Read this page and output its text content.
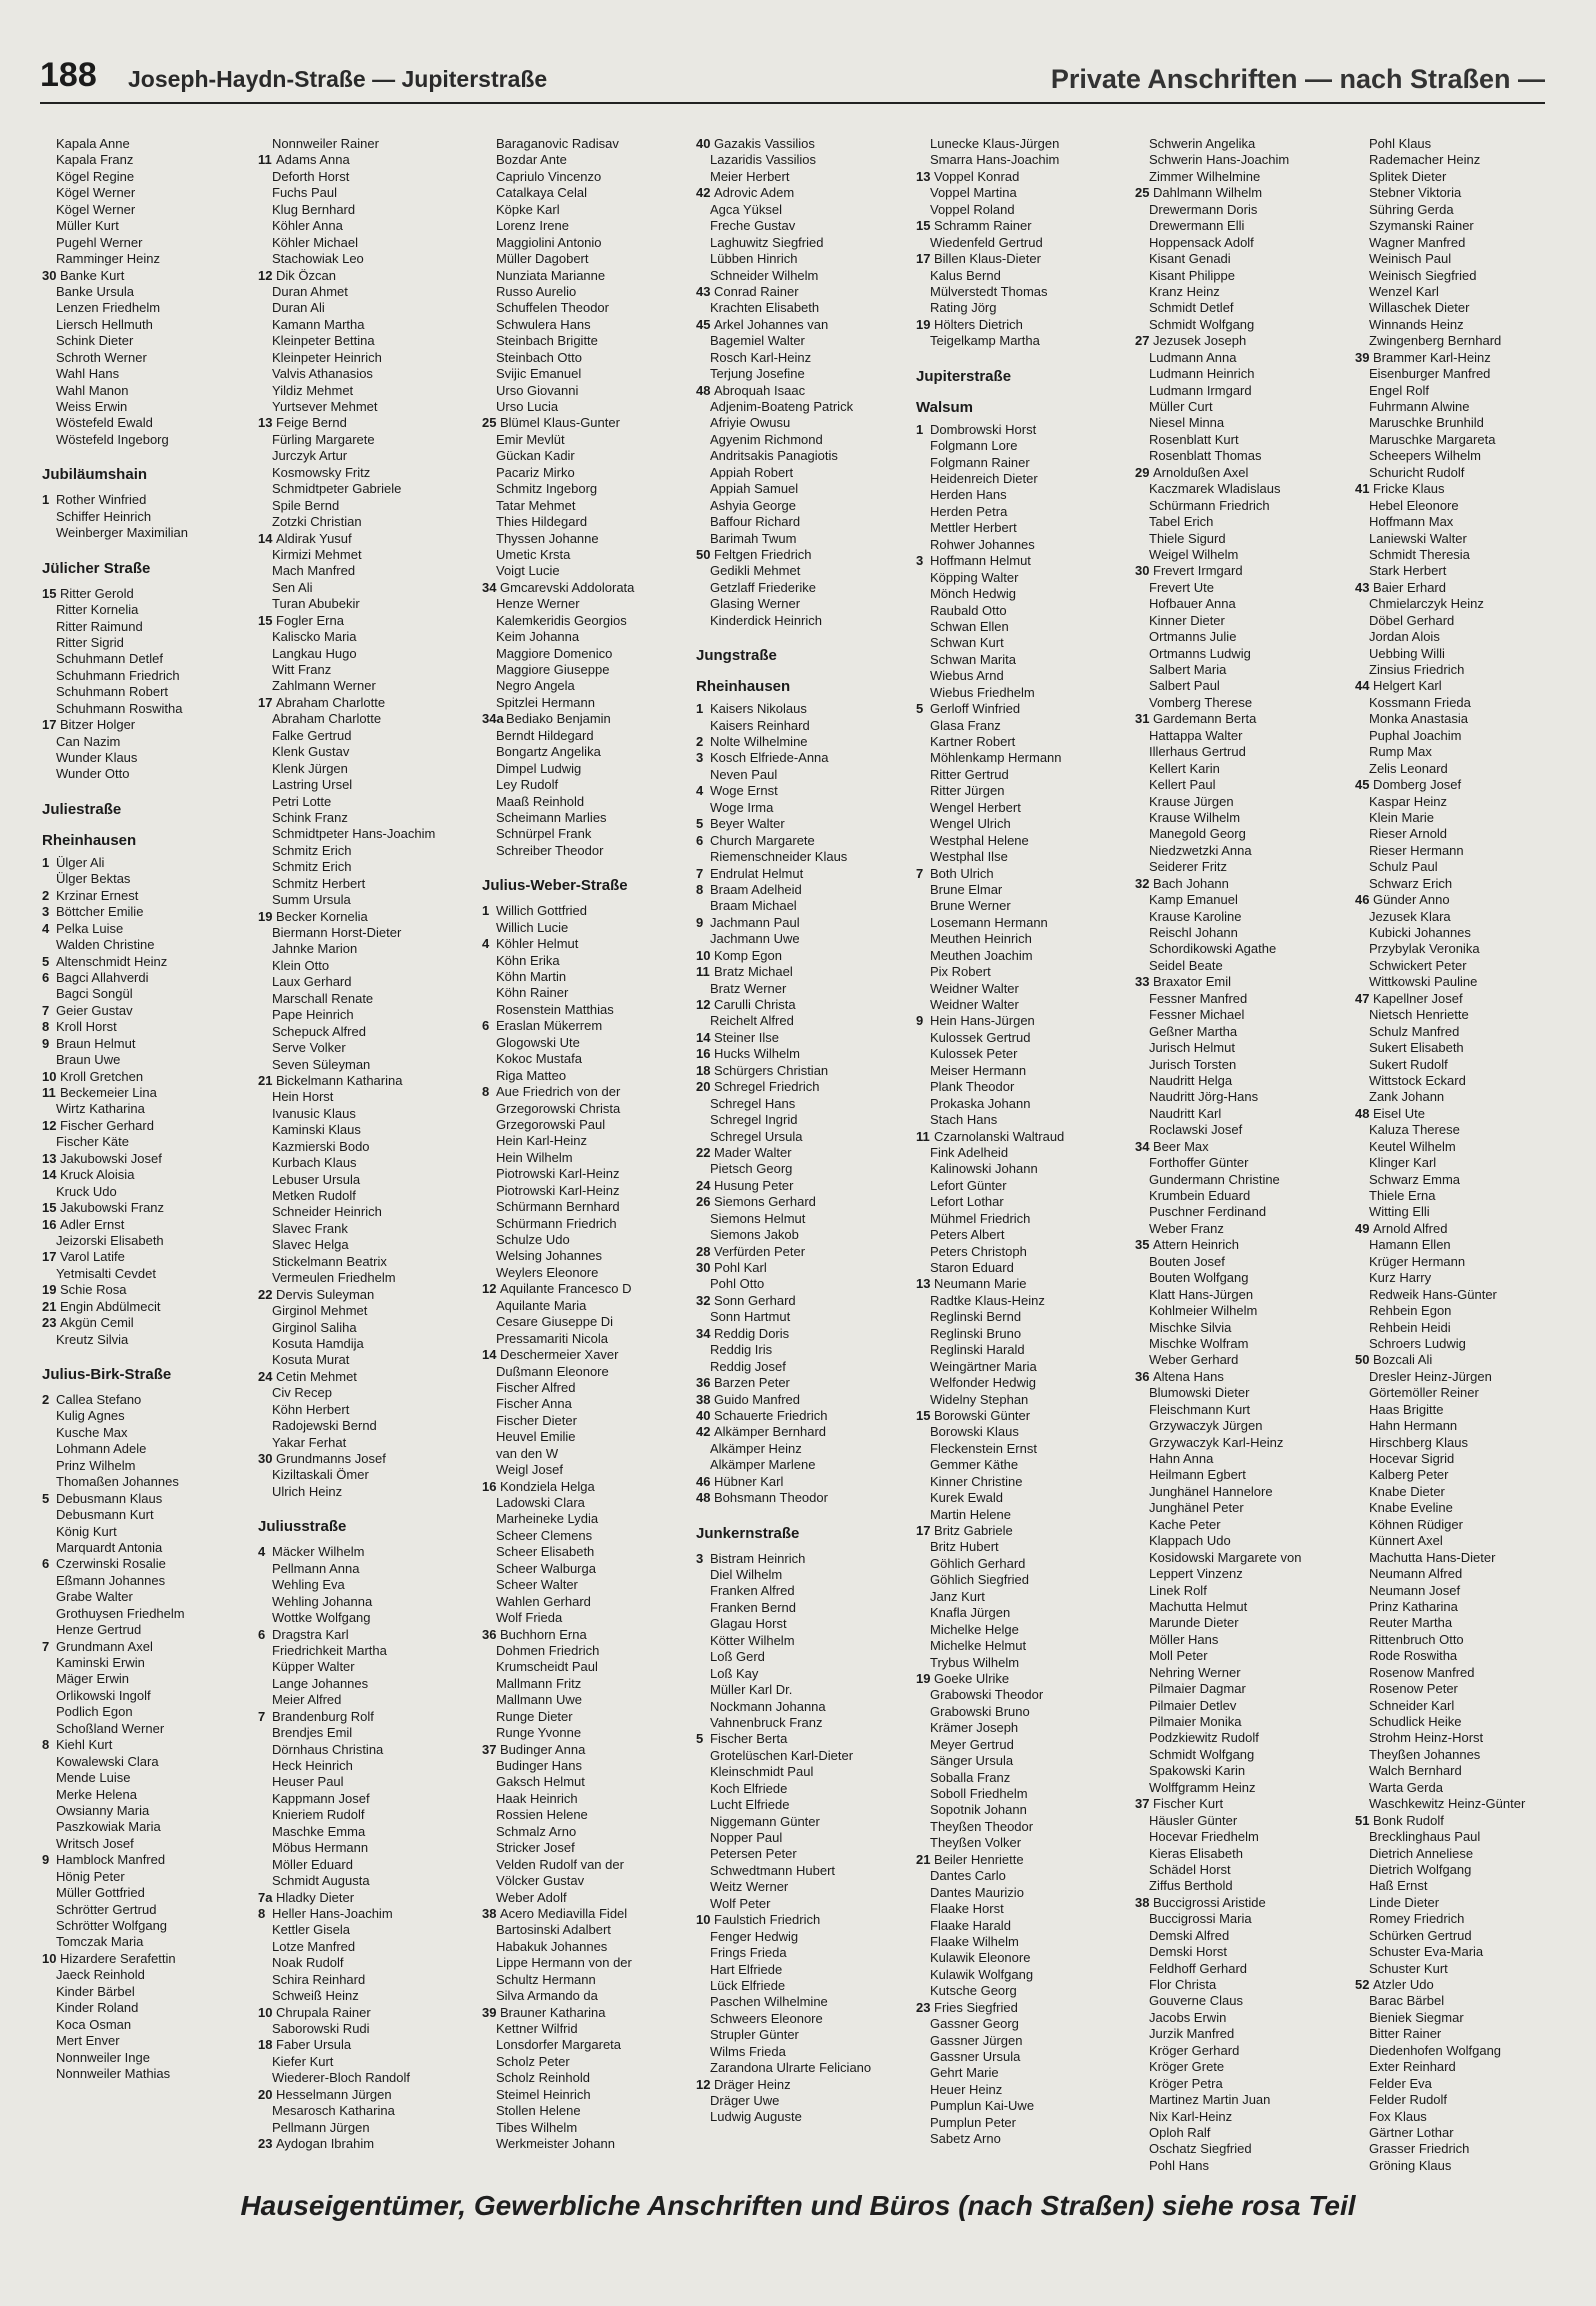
188 Joseph-Haydn-Straße — Jupiterstraße	Private Anschriften — nach Straßen —
Kapala Anne
Kapala Franz
Kögel Regine
Kögel Werner
Kögel Werner
Müller Kurt
Pugehl Werner
Ramminger Heinz
30 Banke Kurt
Banke Ursula
Lenzen Friedhelm
Liersch Hellmuth
Schink Dieter
Schroth Werner
Wahl Hans
Wahl Manon
Weiss Erwin
Wöstefeld Ewald
Wöstefeld Ingeborg
Jubiläumshain
1 Rother Winfried
Schiffer Heinrich
Weinberger Maximilian
Jülicher Straße
15 Ritter Gerold
Ritter Kornelia
Ritter Raimund
Ritter Sigrid
Schuhmann Detlef
Schuhmann Friedrich
Schuhmann Robert
Schuhmann Roswitha
17 Bitzer Holger
Can Nazim
Wunder Klaus
Wunder Otto
Juliestraße
Rheinhausen
1 Ülger Ali
Ülger Bektas
2 Krzinar Ernest
3 Böttcher Emilie
4 Pelka Luise
Walden Christine
5 Altenschmidt Heinz
6 Bagci Allahverdi
Bagci Songül
7 Geier Gustav
8 Kroll Horst
9 Braun Helmut
Braun Uwe
10 Kroll Gretchen
11 Beckemeier Lina
Wirtz Katharina
12 Fischer Gerhard
Fischer Käte
13 Jakubowski Josef
14 Kruck Aloisia
Kruck Udo
15 Jakubowski Franz
16 Adler Ernst
Jeizorski Elisabeth
17 Varol Latife
Yetmisalti Cevdet
19 Schie Rosa
21 Engin Abdülmecit
23 Akgün Cemil
Kreutz Silvia
Julius-Birk-Straße
2 Callea Stefano
Kulig Agnes
Kusche Max
Lohmann Adele
Prinz Wilhelm
Thomaßen Johannes
5 Debusmann Klaus
Debusmann Kurt
König Kurt
Marquardt Antonia
6 Czerwinski Rosalie
Eßmann Johannes
Grabe Walter
Grothuysen Friedhelm
Henze Gertrud
7 Grundmann Axel
Kaminski Erwin
Mäger Erwin
Orlikowski Ingolf
Podlich Egon
Schoßland Werner
8 Kiehl Kurt
Kowalewski Clara
Mende Luise
Merke Helena
Owsianny Maria
Paszkowiak Maria
Writsch Josef
9 Hamblock Manfred
Hönig Peter
Müller Gottfried
Schrötter Gertrud
Schrötter Wolfgang
Tomczak Maria
10 Hizardere Serafettin
Jaeck Reinhold
Kinder Bärbel
Kinder Roland
Koca Osman
Mert Enver
Nonnweiler Inge
Nonnweiler Mathias
Nonnweiler Rainer
11 Adams Anna
Deforth Horst
Fuchs Paul
Klug Bernhard
Köhler Anna
Köhler Michael
Stachowiak Leo
12 Dik Özcan
Duran Ahmet
Duran Ali
Kamann Martha
Kleinpeter Bettina
Kleinpeter Heinrich
Valvis Athanasios
Yildiz Mehmet
Yurtsever Mehmet
13 Feige Bernd
Fürling Margarete
Jurczyk Artur
Kosmowsky Fritz
Schmidtpeter Gabriele
Spile Bernd
Zotzki Christian
14 Aldirak Yusuf
Kirmizi Mehmet
Mach Manfred
Sen Ali
Turan Abubekir
15 Fogler Erna
Kaliscko Maria
Langkau Hugo
Witt Franz
Zahlmann Werner
17 Abraham Charlotte
Abraham Charlotte
Falke Gertrud
Klenk Gustav
Klenk Jürgen
Lastring Ursel
Petri Lotte
Schink Franz
Schmidtpeter Hans-Joachim
Schmitz Erich
Schmitz Erich
Schmitz Herbert
Summ Ursula
19 Becker Kornelia
Biermann Horst-Dieter
Jahnke Marion
Klein Otto
Laux Gerhard
Marschall Renate
Pape Heinrich
Schepuck Alfred
Serve Volker
Seven Süleyman
21 Bickelmann Katharina
Hein Horst
Ivanusic Klaus
Kaminski Klaus
Kazmierski Bodo
Kurbach Klaus
Lebuser Ursula
Metken Rudolf
Schneider Heinrich
Slavec Frank
Slavec Helga
Stickelmann Beatrix
Vermeulen Friedhelm
22 Dervis Suleyman
Girginol Mehmet
Girginol Saliha
Kosuta Hamdija
Kosuta Murat
24 Cetin Mehmet
Civ Recep
Köhn Herbert
Radojewski Bernd
Yakar Ferhat
30 Grundmanns Josef
Kiziltaskali Ömer
Ulrich Heinz
Juliusstraße
4 Mäcker Wilhelm
Pellmann Anna
Wehling Eva
Wehling Johanna
Wottke Wolfgang
6 Dragstra Karl
Friedrichkeit Martha
Küpper Walter
Lange Johannes
Meier Alfred
7 Brandenburg Rolf
Brendjes Emil
Dörnhaus Christina
Heck Heinrich
Heuser Paul
Kappmann Josef
Knieriem Rudolf
Maschke Emma
Möbus Hermann
Möller Eduard
Schmidt Augusta
7a Hladky Dieter
8 Heller Hans-Joachim
Kettler Gisela
Lotze Manfred
Noak Rudolf
Schira Reinhard
Schweiß Heinz
10 Chrupala Rainer
Saborowski Rudi
18 Faber Ursula
Kiefer Kurt
Wiederer-Bloch Randolf
20 Hesselmann Jürgen
Mesarosch Katharina
Pellmann Jürgen
23 Aydogan Ibrahim
Baraganovic Radisav
Bozdar Ante
Capriulo Vincenzo
Catalkaya Celal
Köpke Karl
Lorenz Irene
Maggiolini Antonio
Müller Dagobert
Nunziata Marianne
Russo Aurelio
Schuffelen Theodor
Schwulera Hans
Steinbach Brigitte
Steinbach Otto
Svijic Emanuel
Urso Giovanni
Urso Lucia
25 Blümel Klaus-Gunter
Emir Mevlüt
Gückan Kadir
Pacariz Mirko
Schmitz Ingeborg
Tatar Mehmet
Thies Hildegard
Thyssen Johanne
Umetic Krsta
Voigt Lucie
34 Gmcarevski Addolorata
Henze Werner
Kalemkeridis Georgios
Keim Johanna
Maggiore Domenico
Maggiore Giuseppe
Negro Angela
Spitzlei Hermann
34a Bediako Benjamin
Berndt Hildegard
Bongartz Angelika
Dimpel Ludwig
Ley Rudolf
Maaß Reinhold
Scheimann Marlies
Schnürpel Frank
Schreiber Theodor
Julius-Weber-Straße
1 Willich Gottfried
Willich Lucie
4 Köhler Helmut
Köhn Erika
Köhn Martin
Köhn Rainer
Rosenstein Matthias
6 Eraslan Mükerrem
Glogowski Ute
Kokoc Mustafa
Riga Matteo
8 Aue Friedrich von der
Grzegorowski Christa
Grzegorowski Paul
Hein Karl-Heinz
Hein Wilhelm
Piotrowski Karl-Heinz
Piotrowski Karl-Heinz
Schürmann Bernhard
Schürmann Friedrich
Schulze Udo
Welsing Johannes
Weylers Eleonore
12 Aquilante Francesco D
Aquilante Maria
Cesare Giuseppe Di
Pressamariti Nicola
14 Deschermeier Xaver
Dußmann Eleonore
Fischer Alfred
Fischer Anna
Fischer Dieter
Heuvel Emilie
van den W
Weigl Josef
16 Kondziela Helga
Ladowski Clara
Marheineke Lydia
Scheer Clemens
Scheer Elisabeth
Scheer Walburga
Scheer Walter
Wahlen Gerhard
Wolf Frieda
36 Buchhorn Erna
Dohmen Friedrich
Krumscheidt Paul
Mallmann Fritz
Mallmann Uwe
Runge Dieter
Runge Yvonne
37 Budinger Anna
Budinger Hans
Gaksch Helmut
Haak Heinrich
Rossien Helene
Schmalz Arno
Stricker Josef
Velden Rudolf van der
Völcker Gustav
Weber Adolf
38 Acero Mediavilla Fidel
Bartosinski Adalbert
Habakuk Johannes
Lippe Hermann von der
Schultz Hermann
Silva Armando da
39 Brauner Katharina
Kettner Wilfrid
Lonsdorfer Margareta
Scholz Peter
Scholz Reinhold
Steimel Heinrich
Stollen Helene
Tibes Wilhelm
Werkmeister Johann
40 Gazakis Vassilios
Lazaridis Vassilios
Meier Herbert
42 Adrovic Adem
Agca Yüksel
Freche Gustav
Laghuwitz Siegfried
Lübben Hinrich
Schneider Wilhelm
43 Conrad Rainer
Krachten Elisabeth
45 Arkel Johannes van
Bagemiel Walter
Rosch Karl-Heinz
Terjung Josefine
48 Abroquah Isaac
Adjenim-Boateng Patrick
Afriyie Owusu
Agyenim Richmond
Andritsakis Panagiotis
Appiah Robert
Appiah Samuel
Ashyia George
Baffour Richard
Barimah Twum
50 Feltgen Friedrich
Gedikli Mehmet
Getzlaff Friederike
Glasing Werner
Kinderdick Heinrich
Jungstraße
Rheinhausen
1 Kaisers Nikolaus
Kaisers Reinhard
2 Nolte Wilhelmine
3 Kosch Elfriede-Anna
Neven Paul
4 Woge Ernst
Woge Irma
5 Beyer Walter
6 Church Margarete
Riemenschneider Klaus
7 Endrulat Helmut
8 Braam Adelheid
Braam Michael
9 Jachmann Paul
Jachmann Uwe
10 Komp Egon
11 Bratz Michael
Bratz Werner
12 Carulli Christa
Reichelt Alfred
14 Steiner Ilse
16 Hucks Wilhelm
18 Schürgers Christian
20 Schregel Friedrich
Schregel Hans
Schregel Ingrid
Schregel Ursula
22 Mader Walter
Pietsch Georg
24 Husung Peter
26 Siemons Gerhard
Siemons Helmut
Siemons Jakob
28 Verfürden Peter
30 Pohl Karl
Pohl Otto
32 Sonn Gerhard
Sonn Hartmut
34 Reddig Doris
Reddig Iris
Reddig Josef
36 Barzen Peter
38 Guido Manfred
40 Schauerte Friedrich
42 Alkämper Bernhard
Alkämper Heinz
Alkämper Marlene
46 Hübner Karl
48 Bohsmann Theodor
Junkernstraße
3 Bistram Heinrich
Diel Wilhelm
Franken Alfred
Franken Bernd
Glagau Horst
Kötter Wilhelm
Loß Gerd
Loß Kay
Müller Karl Dr.
Nockmann Johanna
Vahnenbruck Franz
5 Fischer Berta
Grotelüschen Karl-Dieter
Kleinschmidt Paul
Koch Elfriede
Lucht Elfriede
Niggemann Günter
Nopper Paul
Petersen Peter
Schwedtmann Hubert
Weitz Werner
Wolf Peter
10 Faulstich Friedrich
Fenger Hedwig
Frings Frieda
Hart Elfriede
Lück Elfriede
Paschen Wilhelmine
Schweers Eleonore
Strupler Günter
Wilms Frieda
Zarandona Ulrarte Feliciano
12 Dräger Heinz
Dräger Uwe
Ludwig Auguste
Lunecke Klaus-Jürgen
Smarra Hans-Joachim
13 Voppel Konrad
Voppel Martina
Voppel Roland
15 Schramm Rainer
Wiedenfeld Gertrud
17 Billen Klaus-Dieter
Kalus Bernd
Mülverstedt Thomas
Rating Jörg
19 Hölters Dietrich
Teigelkamp Martha
Jupiterstraße
Walsum
1 Dombrowski Horst
Folgmann Lore
Folgmann Rainer
Heidenreich Dieter
Herden Hans
Herden Petra
Mettler Herbert
Rohwer Johannes
3 Hoffmann Helmut
Köpping Walter
Mönch Hedwig
Raubald Otto
Schwan Ellen
Schwan Kurt
Schwan Marita
Wiebus Arnd
Wiebus Friedhelm
5 Gerloff Winfried
Glasa Franz
Kartner Robert
Möhlenkamp Hermann
Ritter Gertrud
Ritter Jürgen
Wengel Herbert
Wengel Ulrich
Westphal Helene
Westphal Ilse
7 Both Ulrich
Brune Elmar
Brune Werner
Losemann Hermann
Meuthen Heinrich
Meuthen Joachim
Pix Robert
Weidner Walter
Weidner Walter
9 Hein Hans-Jürgen
Kulossek Gertrud
Kulossek Peter
Meiser Hermann
Plank Theodor
Prokaska Johann
Stach Hans
11 Czarnolanski Waltraud
Fink Adelheid
Kalinowski Johann
Lefort Günter
Lefort Lothar
Mühmel Friedrich
Peters Albert
Peters Christoph
Staron Eduard
13 Neumann Marie
Radtke Klaus-Heinz
Reglinski Bernd
Reglinski Bruno
Reglinski Harald
Weingärtner Maria
Welfonder Hedwig
Widelny Stephan
15 Borowski Günter
Borowski Klaus
Fleckenstein Ernst
Gemmer Käthe
Kinner Christine
Kurek Ewald
Martin Helene
17 Britz Gabriele
Britz Hubert
Göhlich Gerhard
Göhlich Siegfried
Janz Kurt
Knafla Jürgen
Michelke Helge
Michelke Helmut
Trybus Wilhelm
19 Goeke Ulrike
Grabowski Theodor
Grabowski Bruno
Krämer Joseph
Meyer Gertrud
Sänger Ursula
Soballa Franz
Soboll Friedhelm
Sopotnik Johann
Theyßen Theodor
Theyßen Volker
21 Beiler Henriette
Dantes Carlo
Dantes Maurizio
Flaake Horst
Flaake Harald
Flaake Wilhelm
Kulawik Eleonore
Kulawik Wolfgang
Kutsche Georg
23 Fries Siegfried
Gassner Georg
Gassner Jürgen
Gassner Ursula
Gehrt Marie
Heuer Heinz
Pumplun Kai-Uwe
Pumplun Peter
Sabetz Arno
Schwerin Angelika
Schwerin Hans-Joachim
Zimmer Wilhelmine
25 Dahlmann Wilhelm
Drewermann Doris
Drewermann Elli
Hoppensack Adolf
Kisant Genadi
Kisant Philippe
Kranz Heinz
Schmidt Detlef
Schmidt Wolfgang
27 Jezusek Joseph
Ludmann Anna
Ludmann Heinrich
Ludmann Irmgard
Müller Curt
Niesel Minna
Rosenblatt Kurt
Rosenblatt Thomas
29 Arnoldußen Axel
Kaczmarek Wladislaus
Schürmann Friedrich
Tabel Erich
Thiele Sigurd
Weigel Wilhelm
30 Frevert Irmgard
Frevert Ute
Hofbauer Anna
Kinner Dieter
Ortmanns Julie
Ortmanns Ludwig
Salbert Maria
Salbert Paul
Vomberg Therese
31 Gardemann Berta
Hattappa Walter
Illerhaus Gertrud
Kellert Karin
Kellert Paul
Krause Jürgen
Krause Wilhelm
Manegold Georg
Niedzwetzki Anna
Seiderer Fritz
32 Bach Johann
Kamp Emanuel
Krause Karoline
Reischl Johann
Schordikowski Agathe
Seidel Beate
33 Braxator Emil
Fessner Manfred
Fessner Michael
Geßner Martha
Jurisch Helmut
Jurisch Torsten
Naudritt Helga
Naudritt Jörg-Hans
Naudritt Karl
Roclawski Josef
34 Beer Max
Forthoffer Günter
Gundermann Christine
Krumbein Eduard
Puschner Ferdinand
Weber Franz
35 Attern Heinrich
Bouten Josef
Bouten Wolfgang
Klatt Hans-Jürgen
Kohlmeier Wilhelm
Mischke Silvia
Mischke Wolfram
Weber Gerhard
36 Altena Hans
Blumowski Dieter
Fleischmann Kurt
Grzywaczyk Jürgen
Grzywaczyk Karl-Heinz
Hahn Anna
Heilmann Egbert
Junghänel Hannelore
Junghänel Peter
Kache Peter
Klappach Udo
Kosidowski Margarete von
Leppert Vinzenz
Linek Rolf
Machutta Helmut
Marunde Dieter
Möller Hans
Moll Peter
Nehring Werner
Pilmaier Dagmar
Pilmaier Detlev
Pilmaier Monika
Podzkiewitz Rudolf
Schmidt Wolfgang
Spakowski Karin
Wolffgramm Heinz
37 Fischer Kurt
Häusler Günter
Hocevar Friedhelm
Kieras Elisabeth
Schädel Horst
Ziffus Berthold
38 Buccigrossi Aristide
Buccigrossi Maria
Demski Alfred
Demski Horst
Feldhoff Gerhard
Flor Christa
Gouverne Claus
Jacobs Erwin
Jurzik Manfred
Kröger Gerhard
Kröger Grete
Kröger Petra
Martinez Martin Juan
Nix Karl-Heinz
Oploh Ralf
Oschatz Siegfried
Pohl Hans
Pohl Klaus
Rademacher Heinz
Splitek Dieter
Stebner Viktoria
Sühring Gerda
Szymanski Rainer
Wagner Manfred
Weinisch Paul
Weinisch Siegfried
Wenzel Karl
Willaschek Dieter
Winnands Heinz
Zwingenberg Bernhard
39 Brammer Karl-Heinz
Eisenburger Manfred
Engel Rolf
Fuhrmann Alwine
Maruschke Brunhild
Maruschke Margareta
Scheepers Wilhelm
Schuricht Rudolf
41 Fricke Klaus
Hebel Eleonore
Hoffmann Max
Laniewski Walter
Schmidt Theresia
Stark Herbert
43 Baier Erhard
Chmielarczyk Heinz
Döbel Gerhard
Jordan Alois
Uebbing Willi
Zinsius Friedrich
44 Helgert Karl
Kossmann Frieda
Monka Anastasia
Puphal Joachim
Rump Max
Zelis Leonard
45 Domberg Josef
Kaspar Heinz
Klein Marie
Rieser Arnold
Rieser Hermann
Schulz Paul
Schwarz Erich
46 Günder Anno
Jezusek Klara
Kubicki Johannes
Przybylak Veronika
Schwickert Peter
Wittkowski Pauline
47 Kapellner Josef
Nietsch Henriette
Schulz Manfred
Sukert Elisabeth
Sukert Rudolf
Wittstock Eckard
Zank Johann
48 Eisel Ute
Kaluza Therese
Keutel Wilhelm
Klinger Karl
Schwarz Emma
Thiele Erna
Witting Elli
49 Arnold Alfred
Hamann Ellen
Krüger Hermann
Kurz Harry
Redweik Hans-Günter
Rehbein Egon
Rehbein Heidi
Schroers Ludwig
50 Bozcali Ali
Dresler Heinz-Jürgen
Görtemöller Reiner
Haas Brigitte
Hahn Hermann
Hirschberg Klaus
Hocevar Sigrid
Kalberg Peter
Knabe Dieter
Knabe Eveline
Köhnen Rüdiger
Künnert Axel
Machutta Hans-Dieter
Neumann Alfred
Neumann Josef
Prinz Katharina
Reuter Martha
Rittenbruch Otto
Rode Roswitha
Rosenow Manfred
Rosenow Peter
Schneider Karl
Schudlick Heike
Strohm Heinz-Horst
Theyßen Johannes
Walch Bernhard
Warta Gerda
Waschkewitz Heinz-Günter
51 Bonk Rudolf
Brecklinghaus Paul
Dietrich Anneliese
Dietrich Wolfgang
Haß Ernst
Linde Dieter
Romey Friedrich
Schürken Gertrud
Schuster Eva-Maria
Schuster Kurt
52 Atzler Udo
Barac Bärbel
Bieniek Siegmar
Bitter Rainer
Diedenhofen Wolfgang
Exter Reinhard
Felder Eva
Felder Rudolf
Fox Klaus
Gärtner Lothar
Grasser Friedrich
Gröning Klaus
Hauseigentümer, Gewerbliche Anschriften und Büros (nach Straßen) siehe rosa Teil
